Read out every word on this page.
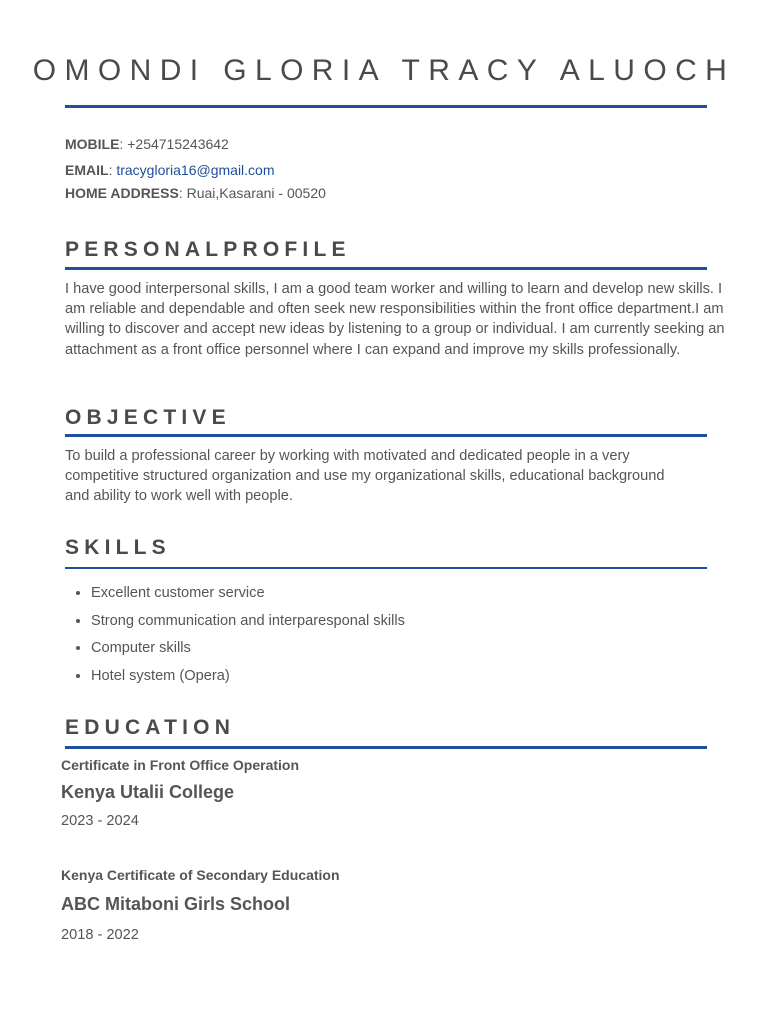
OMONDI GLORIA TRACY ALUOCH
MOBILE: +254715243642
EMAIL: tracygloria16@gmail.com
HOME ADDRESS: Ruai,Kasarani - 00520
PERSONALPROFILE

I have good interpersonal skills, I am a good team worker and willing to learn and develop new skills. I am reliable and dependable and often seek new responsibilities within the front office department.I am willing to discover and accept new ideas by listening to a group or individual. I am currently seeking an attachment as a front office personnel where I can expand and improve my skills professionally.

OBJECTIVE

To build a professional career by working with motivated and dedicated people in a very competitive structured organization and use my organizational skills, educational background and ability to work well with people.

SKILLS
• Excellent customer service
• Strong communication and interparesponal skills
• Computer skills
• Hotel system (Opera)
EDUCATION
Certificate in Front Office Operation
Kenya Utalii College
2023 - 2024
Kenya Certificate of Secondary Education
ABC Mitaboni Girls School
2018 - 2022
